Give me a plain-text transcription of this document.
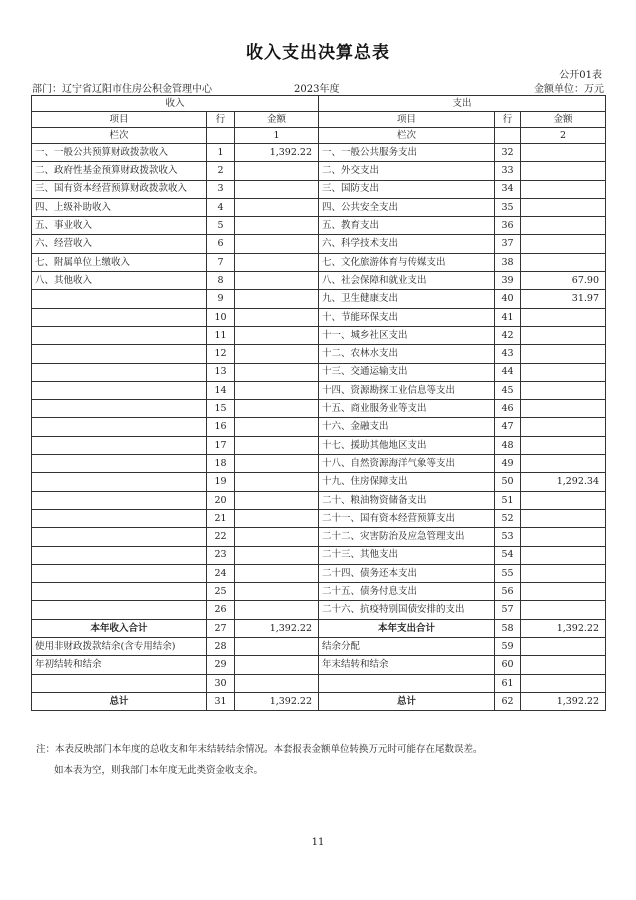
收入支出决算总表
公开01表
部门：辽宁省辽阳市住房公积金管理中心	2023年度	金额单位：万元
收入			支出		
项目	行	金额	项目	行	金额
栏次		1	栏次		2
一、一般公共预算财政拨款收入	1	1,392.22	一、一般公共服务支出	32	
二、政府性基金预算财政拨款收入	2		二、外交支出	33	
三、国有资本经营预算财政拨款收入	3		三、国防支出	34	
四、上级补助收入	4		四、公共安全支出	35	
五、事业收入	5		五、教育支出	36	
六、经营收入	6		六、科学技术支出	37	
七、附属单位上缴收入	7		七、文化旅游体育与传媒支出	38	
八、其他收入	8		八、社会保障和就业支出	39	67.90
	9		九、卫生健康支出	40	31.97
	10		十、节能环保支出	41	
	11		十一、城乡社区支出	42	
	12		十二、农林水支出	43	
	13		十三、交通运输支出	44	
	14		十四、资源勘探工业信息等支出	45	
	15		十五、商业服务业等支出	46	
	16		十六、金融支出	47	
	17		十七、援助其他地区支出	48	
	18		十八、自然资源海洋气象等支出	49	
	19		十九、住房保障支出	50	1,292.34
	20		二十、粮油物资储备支出	51	
	21		二十一、国有资本经营预算支出	52	
	22		二十二、灾害防治及应急管理支出	53	
	23		二十三、其他支出	54	
	24		二十四、债务还本支出	55	
	25		二十五、债务付息支出	56	
	26		二十六、抗疫特别国债安排的支出	57	
本年收入合计	27	1,392.22	本年支出合计	58	1,392.22
使用非财政拨款结余(含专用结余)	28		结余分配	59	
年初结转和结余	29		年末结转和结余	60	
	30			61	
总计	31	1,392.22	总计	62	1,392.22
注：本表反映部门本年度的总收支和年末结转结余情况。本套报表金额单位转换万元时可能存在尾数误差。
如本表为空，则我部门本年度无此类资金收支余。
11
